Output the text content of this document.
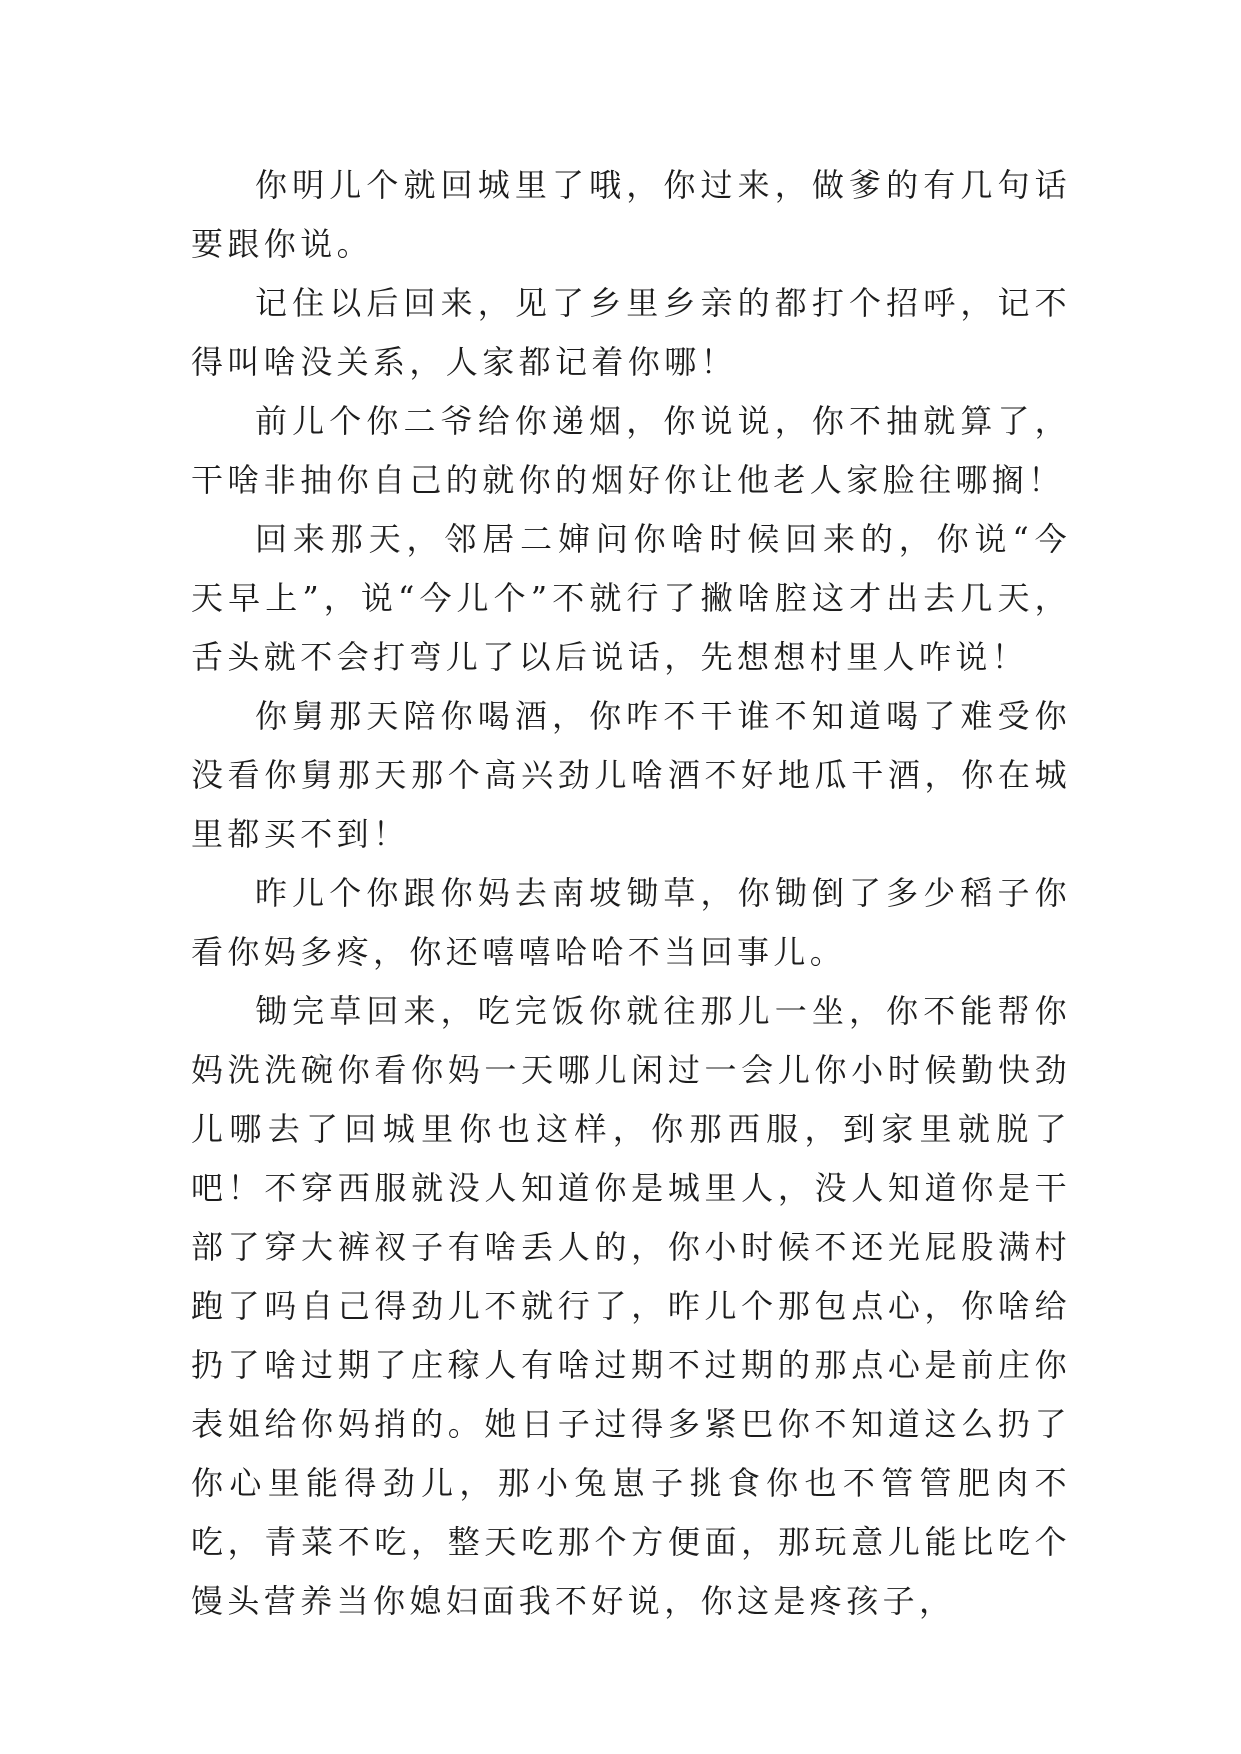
你明儿个就回城里了哦，你过来，做爹的有几句话要跟你说。

记住以后回来，见了乡里乡亲的都打个招呼，记不得叫啥没关系，人家都记着你哪！

前儿个你二爷给你递烟，你说说，你不抽就算了，干啥非抽你自己的就你的烟好你让他老人家脸往哪搁！

回来那天，邻居二婶问你啥时候回来的，你说“今天早上”，说“今儿个”不就行了撇啥腔这才出去几天，舌头就不会打弯儿了以后说话，先想想村里人咋说！

你舅那天陪你喝酒，你咋不干谁不知道喝了难受你没看你舅那天那个高兴劲儿啥酒不好地瓜干酒，你在城里都买不到！

昨儿个你跟你妈去南坡锄草，你锄倒了多少稻子你看你妈多疼，你还嘻嘻哈哈不当回事儿。

锄完草回来，吃完饭你就往那儿一坐，你不能帮你妈洗洗碗你看你妈一天哪儿闲过一会儿你小时候勤快劲儿哪去了回城里你也这样，你那西服，到家里就脱了吧！不穿西服就没人知道你是城里人，没人知道你是干部了穿大裤衩子有啥丢人的，你小时候不还光屁股满村跑了吗自己得劲儿不就行了，昨儿个那包点心，你啥给扔了啥过期了庄稼人有啥过期不过期的那点心是前庄你表姐给你妈捎的。她日子过得多紧巴你不知道这么扔了你心里能得劲儿，那小兔崽子挑食你也不管管肥肉不吃，青菜不吃，整天吃那个方便面，那玩意儿能比吃个馒头营养当你媳妇面我不好说，你这是疼孩子，
